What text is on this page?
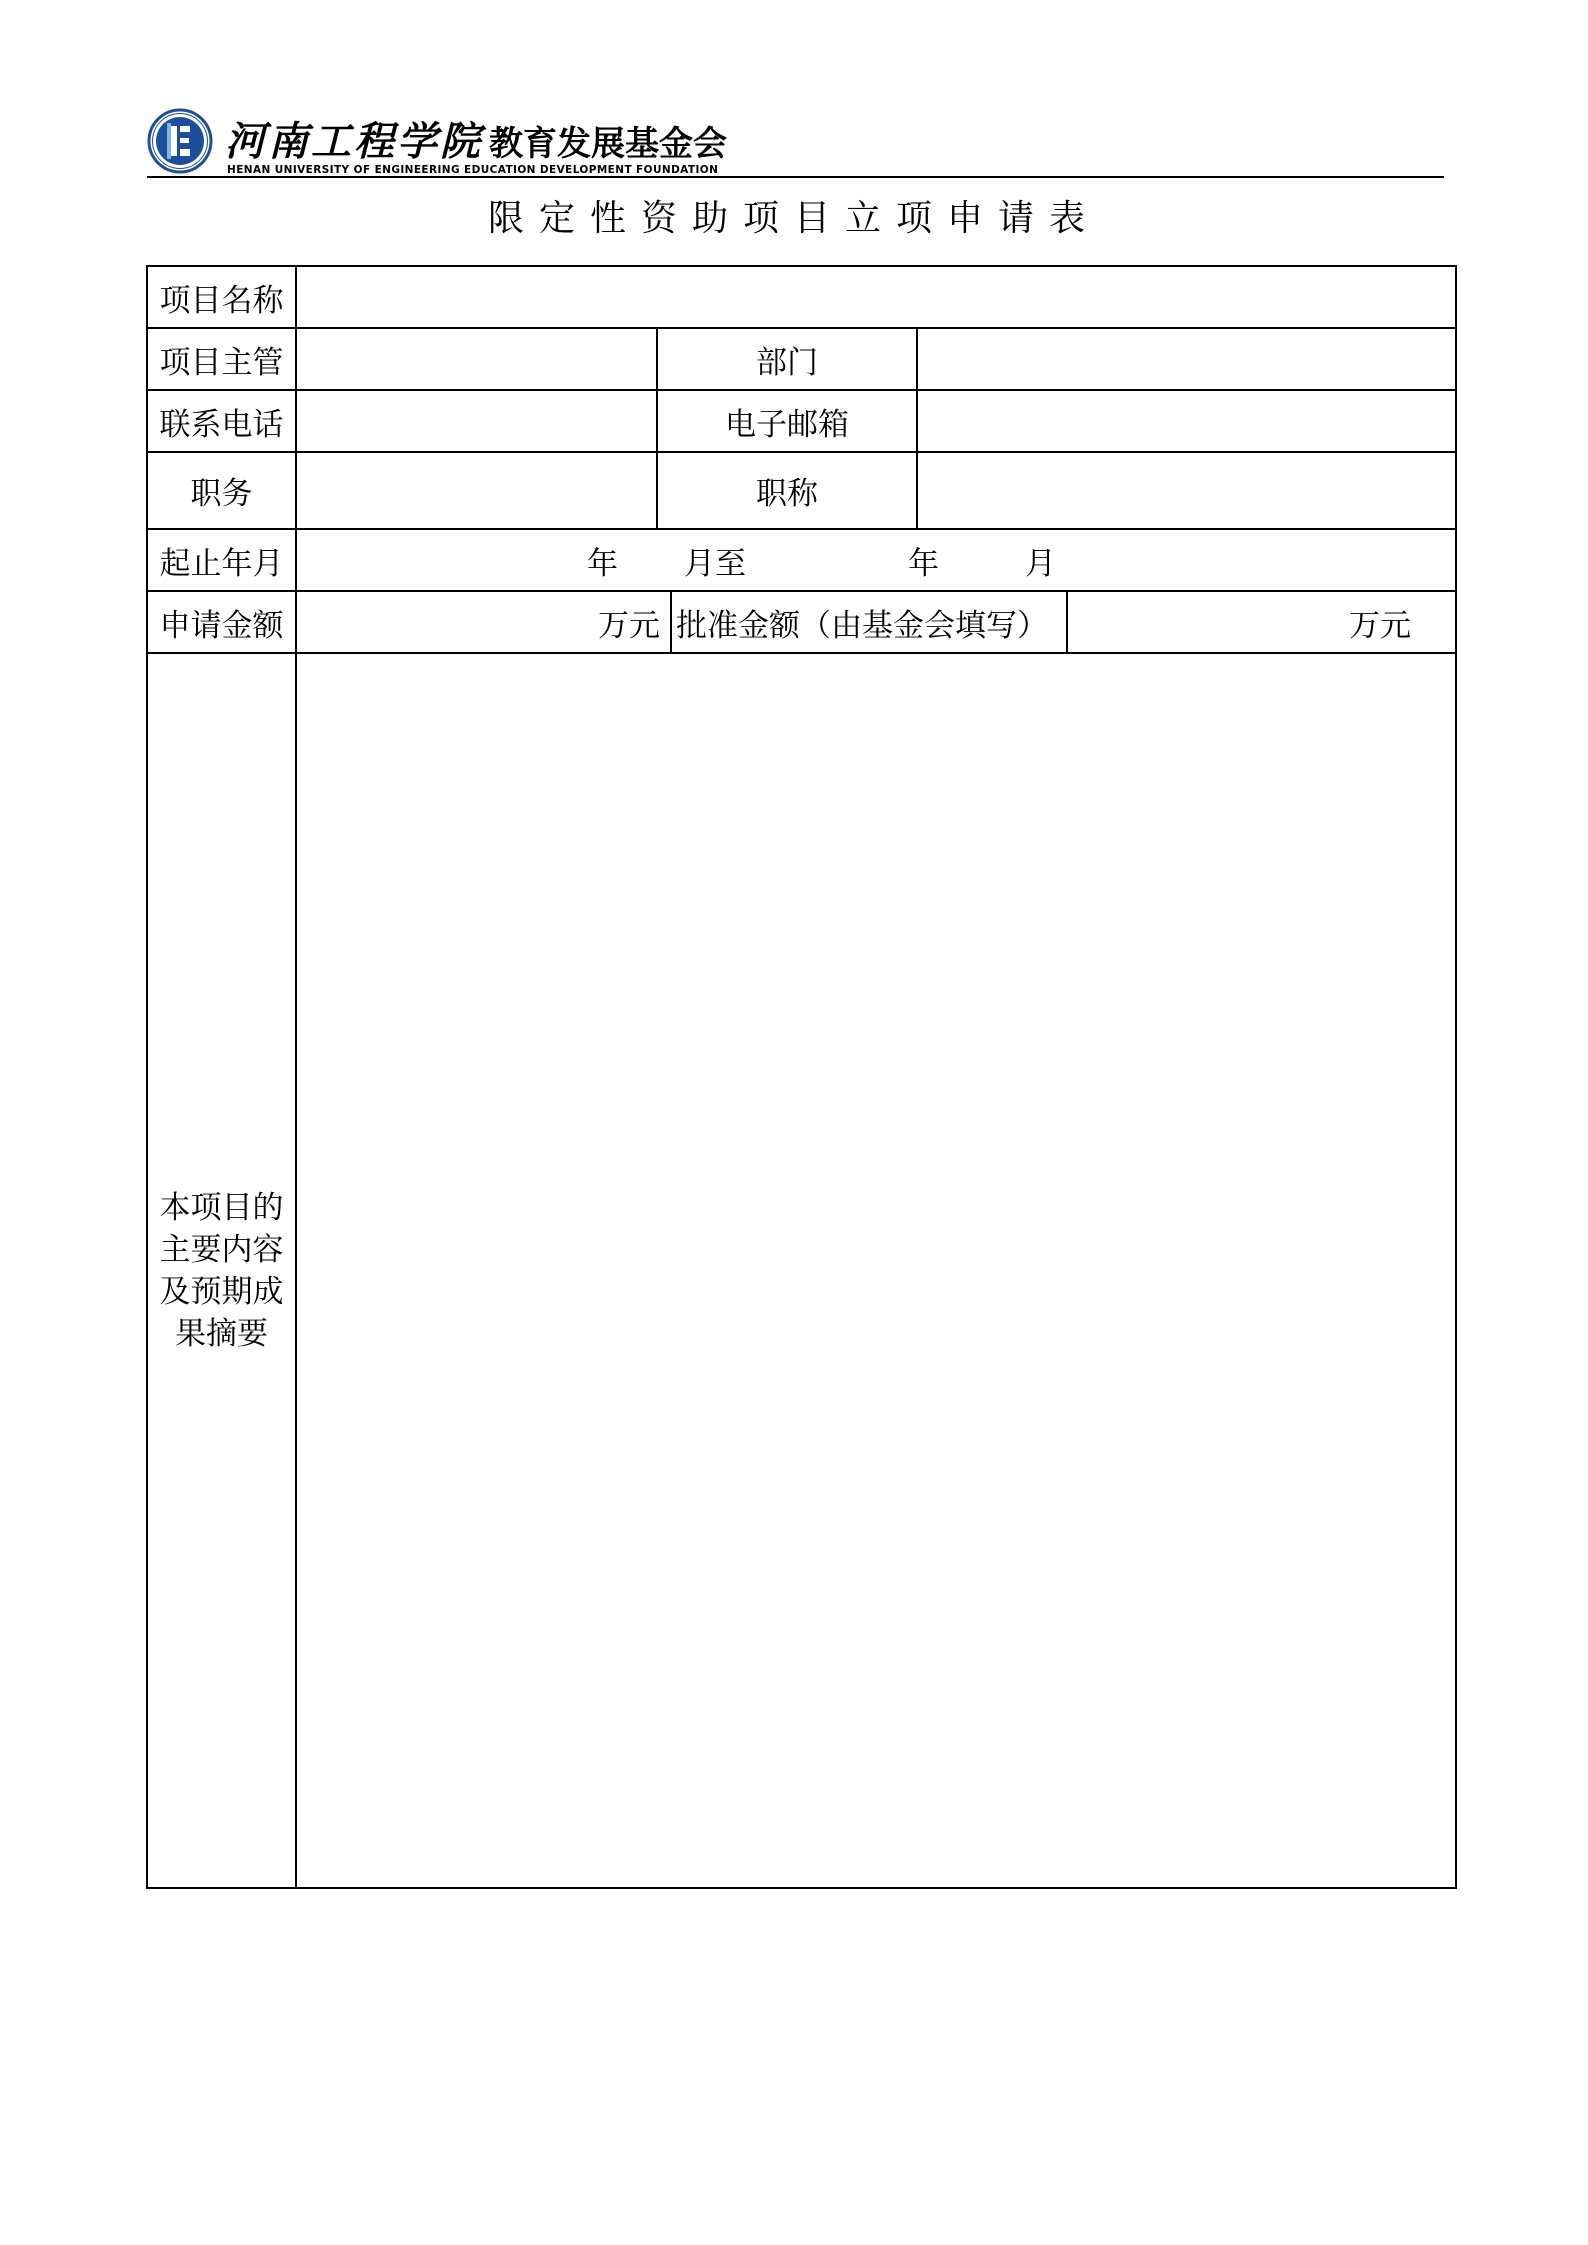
河南工程学院 教育发展基金会
HENAN UNIVERSITY OF ENGINEERING EDUCATION DEVELOPMENT FOUNDATION
限定性资助项目立项申请表
项目名称
项目主管	部门
联系电话	电子邮箱
职务	职称
起止年月	年 月至	年	月
申请金额	万元 批准金额（由基金会填写）	万元
本项目的主要内容及预期成果摘要
